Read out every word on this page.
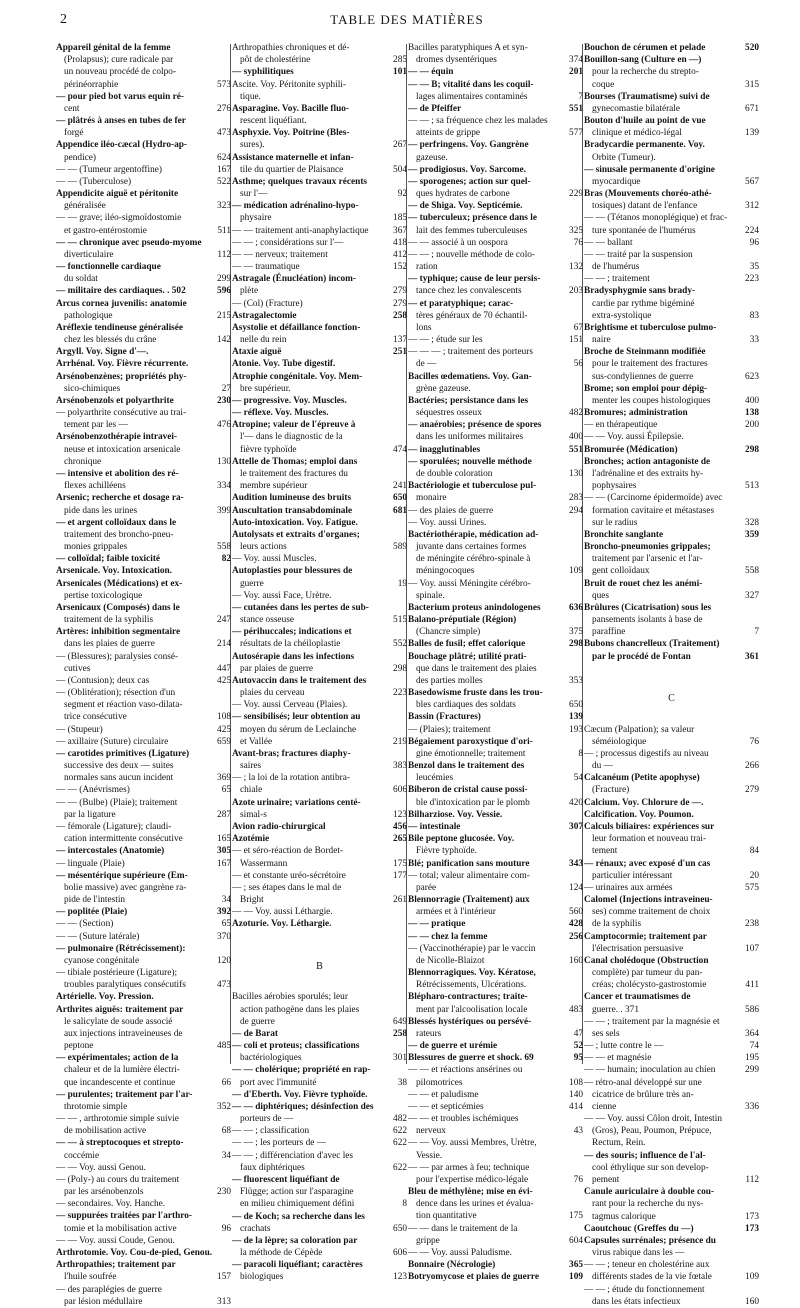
2	TABLE DES MATIÈRES
Appareil génital de la femme
(Prolapsus); cure radicale par
un nouveau procédé de colpo-
périnéorraphie	573
— pour pied bot varus equin ré-
cent	276
— plâtrés à anses en tubes de fer
forgé	473
Appendice iléo-cæcal (Hydro-ap-
pendice)	624
— — (Tumeur argentoffine)	167
— — (Tuberculose)	522
Appendicite aiguë et péritonite
généralisée	323
— — grave; iléo-sigmoïdostomie
et gastro-entérostomie	511
— — chronique avec pseudo-myome
diverticulaire	112
— fonctionnelle cardiaque
du soldat	299
— militaire des cardiaques. . 502	596
Arcus cornea juvenilis: anatomie
pathologique	215
Aréflexie tendineuse généralisée
chez les blessés du crâne	142
Argyll. Voy. Signe d'—.
Arrhénal. Voy. Fièvre récurrente.
Arsénobenzènes; propriétés phy-
sico-chimiques	27
Arsénobenzols et polyarthrite	230
— polyarthrite consécutive au trai-
tement par les —	476
Arsénobenzothérapie intravei-
neuse et intoxication arsenicale
chronique	130
— intensive et abolition des ré-
flexes achilléens	334
Arsenic; recherche et dosage ra-
pide dans les urines	399
— et argent colloïdaux dans le
traitement des broncho-pneu-
monies grippales	558
— colloïdal; faible toxicité	82
Arsenicale. Voy. Intoxication.
Arsenicales (Médications) et ex-
pertise toxicologique
Arsenicaux (Composés) dans le
traitement de la syphilis	247
Artères: inhibition segmentaire
dans les plaies de guerre	214
— (Blessures); paralysies consé-
cutives	447
— (Contusion); deux cas	425
— (Oblitération); résection d'un
segment et réaction vaso-dilata-
trice consécutive	108
— (Stupeur)	425
— axillaire (Suture) circulaire	659
— carotides primitives (Ligature)
successive des deux — suites
normales sans aucun incident	369
— — (Anévrismes)	65
— — (Bulbe) (Plaie); traitement
par la ligature	287
— fémorale (Ligature); claudi-
cation intermittente consécutive	165
— intercostales (Anatomie)	305
— linguale (Plaie)	167
— mésentérique supérieure (Em-
bolie massive) avec gangrène ra-
pide de l'intestin	34
— poplitée (Plaie)	392
— — (Section)	65
— — (Suture latérale)	370
— pulmonaire (Rétrécissement):
cyanose congénitale	120
— tibiale postérieure (Ligature);
troubles paralytiques consécutifs	473
Artérielle. Voy. Pression.
Arthrites aiguës: traitement par
le salicylate de soude associé
aux injections intraveineuses de
peptone	485
— expérimentales; action de la
chaleur et de la lumière électri-
que incandescente et continue	66
— purulentes; traitement par l'ar-
throtomie simple	352
— — , arthrotomie simple suivie
de mobilisation active	68
— — à streptocoques et strepto-
coccémie	34
— — Voy. aussi Genou.
— (Poly-) au cours du traitement
par les arsénobenzols	230
— secondaires. Voy. Hanche.
— suppurées traitées par l'arthro-
tomie et la mobilisation active	96
— — Voy. aussi Coude, Genou.
Arthrotomie. Voy. Cou-de-pied, Genou.
Arthropathies; traitement par
l'huile soufrée	157
— des paraplégies de guerre
par lésion médullaire	313
Arthropathies chroniques et dé-
pôt de cholestérine	285
— syphilitiques	101
Ascite. Voy. Péritonite syphili-
tique.
Asparagine. Voy. Bacille fluo-
rescent liquéfiant.
Asphyxie. Voy. Poitrine (Bles-
sures).	267
Assistance maternelle et infan-
tile du quartier de Plaisance	504
Asthme; quelques travaux récents
sur l'—	92
— médication adrénalino-hypo-
physaire	185
— — traitement anti-anaphylactique	367
— — ; considérations sur l'—	418
— — nerveux; traitement	412
— — traumatique	152
Astragale (Énucléation) incom-
plète	279
— (Col) (Fracture)	279
Astragalectomie	258
Asystolie et défaillance fonction-
nelle du rein	137
Ataxie aiguë	251
Atonie. Voy. Tube digestif.
Atrophie congénitale. Voy. Mem-
bre supérieur.
— progressive. Voy. Muscles.
— réflexe. Voy. Muscles.
Atropine; valeur de l'épreuve à
l'— dans le diagnostic de la
fièvre typhoïde	474
Attelle de Thomas; emploi dans
le traitement des fractures du
membre supérieur	241
Audition lumineuse des bruits	650
Auscultation transabdominale	681
Auto-intoxication. Voy. Fatigue.
Autolysats et extraits d'organes;
leurs actions	589
— Voy. aussi Muscles.
Autoplasties pour blessures de
guerre	19
— Voy. aussi Face, Urètre.
— cutanées dans les pertes de sub-
stance osseuse	515
— périhuccales; indications et
résultats de la chéiloplastie	552
Autosérapie dans les infections
par plaies de guerre	298
Autovaccin dans le traitement des
plaies du cerveau	223
— Voy. aussi Cerveau (Plaies).
— sensibilisés; leur obtention au
moyen du sérum de Leclainche
et Vallée	219
Avant-bras; fractures diaphy-
saires	383
— ; la loi de la rotation antibra-
chiale	606
Azote urinaire; variations centé-
simal-s	123
Avion radio-chirurgical	456
Azotémie	265
— et séro-réaction de Bordet-
Wassermann	175
— et constante uréo-sécrétoire	177
— ; ses étapes dans le mal de
Bright	261
— — Voy. aussi Léthargie.
Azoturie. Voy. Léthargie.
B
Bacilles aérobies sporulés; leur
action pathogène dans les plaies
de guerre	649
— de Barat	258
— coli et proteus; classifications
bactériologiques	301
— — cholérique; propriété en rap-
port avec l'immunité	38
— d'Eberth. Voy. Fièvre typhoïde.
— — diphtériques; désinfection des
porteurs de —	482
— — ; classification	622
— — ; les porteurs de —	622
— — ; différenciation d'avec les
faux diphtériques	622
— fluorescent liquéfiant de
Flügge; action sur l'asparagine
en milieu chimiquement défini	8
— de Koch; sa recherche dans les
crachats	650
— de la lèpre; sa coloration par
la méthode de Cépède	606
— paracoli liquéfiant; caractères
biologiques	123
Bacilles paratyphiques A et syn-
dromes dysentériques	374
— — équin	201
— — B; vitalité dans les coquil-
lages alimentaires contaminés	7
— de Pfeiffer	551
— — ; sa fréquence chez les malades
atteints de grippe	577
— perfringens. Voy. Gangrène
gazeuse.
— prodigiosus. Voy. Sarcome.
— sporogenes; action sur quel-
ques hydrates de carbone	229
— de Shiga. Voy. Septicémie.
— tuberculeux; présence dans le
lait des femmes tuberculeuses	325
— — associé à un oospora	76
— — ; nouvelle méthode de colo-
ration	132
— typhique; cause de leur persis-
tance chez les convalescents	203
— et paratyphique; carac-
tères généraux de 70 échantil-
lons	67
— — ; étude sur les	151
— — — ; traitement des porteurs
de —	56
Bacilles œdematiens. Voy. Gan-
grène gazeuse.
Bactéries; persistance dans les
séquestres osseux	482
— anaérobies; présence de spores
dans les uniformes militaires	400
— inagglutinables	551
— sporulées; nouvelle méthode
de double coloration	130
Bactériologie et tuberculose pul-
monaire	283
— des plaies de guerre	294
— Voy. aussi Urines.
Bactériothérapie, médication ad-
juvante dans certaines formes
de méningite cérébro-spinale à
méningocoques	109
— Voy. aussi Méningite cérébro-
spinale.
Bacterium proteus anindologenes	636
Balano-préputiale (Région)
(Chancre simple)	375
Balles de fusil; effet calorique	298
Bouchage plâtré; utilité prati-
que dans le traitement des plaies
des parties molles	353
Basedowisme fruste dans les trou-
bles cardiaques des soldats	650
Bassin (Fractures)	139
— (Plaies); traitement	193
Bégaiement paroxystique d'ori-
gine émotionnelle; traitement	8
Benzol dans le traitement des
leucémies	54
Biberon de cristal cause possi-
ble d'intoxication par le plomb	420
Bilharziose. Voy. Vessie.
— intestinale	307
Bile peptone glucosée. Voy.
Fièvre typhoïde.
Blé; panification sans mouture	343
— total; valeur alimentaire com-
parée	124
Blennorragie (Traitement) aux
armées et à l'intérieur	560
— — pratique	428
— — chez la femme	256
— (Vaccinothérapie) par le vaccin
de Nicolle-Blaizot	160
Blennorragiques. Voy. Kératose,
Rétrécissements, Ulcérations.
Blépharo-contractures; traite-
ment par l'alcoolisation locale	483
Blessés hystériques ou persévé-
rateurs	47
— de guerre et urémie	52
Blessures de guerre et shock. 69	95
— — et réactions ansérines ou
pilomotrices	108
— — et paludisme	140
— — et septicémies	414
— — et troubles ischémiques
nerveux	43
— — Voy. aussi Membres, Urètre,
Vessie.
— — par armes à feu; technique
pour l'expertise médico-légale	76
Bleu de méthylène; mise en évi-
dence dans les urines et évalua-
tion quantitative	175
— — dans le traitement de la
grippe	604
— — Voy. aussi Paludisme.
Bonnaire (Nécrologie)	365
Botryomycose et plaies de guerre	109
Bouchon de cérumen et pelade	520
Bouillon-sang (Culture en —)
pour la recherche du strepto-
coque	315
Bourses (Traumatisme) suivi de
gynecomastie bilatérale	671
Bouton d'huile au point de vue
clinique et médico-légal	139
Bradycardie permanente. Voy.
Orbite (Tumeur).
— sinusale permanente d'origine
myocardique	567
Bras (Mouvements choréo-athé-
tosiques) datant de l'enfance	312
— — (Tétanos monoplégique) et frac-
ture spontanée de l'humérus	224
— — ballant	96
— — traité par la suspension
de l'humérus	35
— — ; traitement	223
Bradysphygmie sans brady-
cardie par rythme bigéminé
extra-systolique	83
Brightisme et tuberculose pulmo-
naire	33
Broche de Steinmann modifiée
pour le traitement des fractures
sus-condyliennes de guerre	623
Brome; son emploi pour dépig-
menter les coupes histologiques	400
Bromures; administration	138
— en thérapeutique	200
— — Voy. aussi Épilepsie.
Bromurée (Médication)	298
Bronches; action antagoniste de
l'adrénaline et des extraits hy-
pophysaires	513
— — (Carcinome épidermoïde) avec
formation cavitaire et métastases
sur le radius	328
Bronchite sanglante	359
Broncho-pneumonies grippales;
traitement par l'arsenic et l'ar-
gent colloïdaux	558
Bruit de rouet chez les anémi-
ques	327
Brûlures (Cicatrisation) sous les
pansements isolants à base de
paraffine	7
Bubons chancrelleux (Traitement)
par le procédé de Fontan	361
C
Cæcum (Palpation); sa valeur
séméiologique	76
— ; processus digestifs au niveau
du —	266
Calcanéum (Petite apophyse)
(Fracture)	279
Calcium. Voy. Chlorure de —.
Calcification. Voy. Poumon.
Calculs biliaires: expériences sur
leur formation et nouveau trai-
tement	84
— rénaux; avec exposé d'un cas
particulier intéressant	20
— urinaires aux armées	575
Calomel (Injections intraveineu-
ses) comme traitement de choix
de la syphilis	238
Camptocormie; traitement par
l'électrisation persuasive	107
Canal cholédoque (Obstruction
complète) par tumeur du pan-
créas; cholécysto-gastrostomie	411
Cancer et traumatismes de
guerre. . 371	586
— — ; traitement par la magnésie et
ses sels	364
— ; lutte contre le —	74
— — et magnésie	195
— — humain; inoculation au chien	299
— rétro-anal développé sur une
cicatrice de brûlure très an-
cienne	336
— — Voy. aussi Côlon droit, Intestin
(Gros), Peau, Poumon, Prépuce,
Rectum, Rein.
— des souris; influence de l'al-
cool éthylique sur son develop-
pement	112
Canule auriculaire à double cou-
rant pour la recherche du nys-
tagmus calorique	173
Caoutchouc (Greffes du —)	173
Capsules surrénales; présence du
virus rabique dans les —
— — ; teneur en cholestérine aux
différents stades de la vie fœtale	109
— — ; étude du fonctionnement
dans les états infectieux	160
